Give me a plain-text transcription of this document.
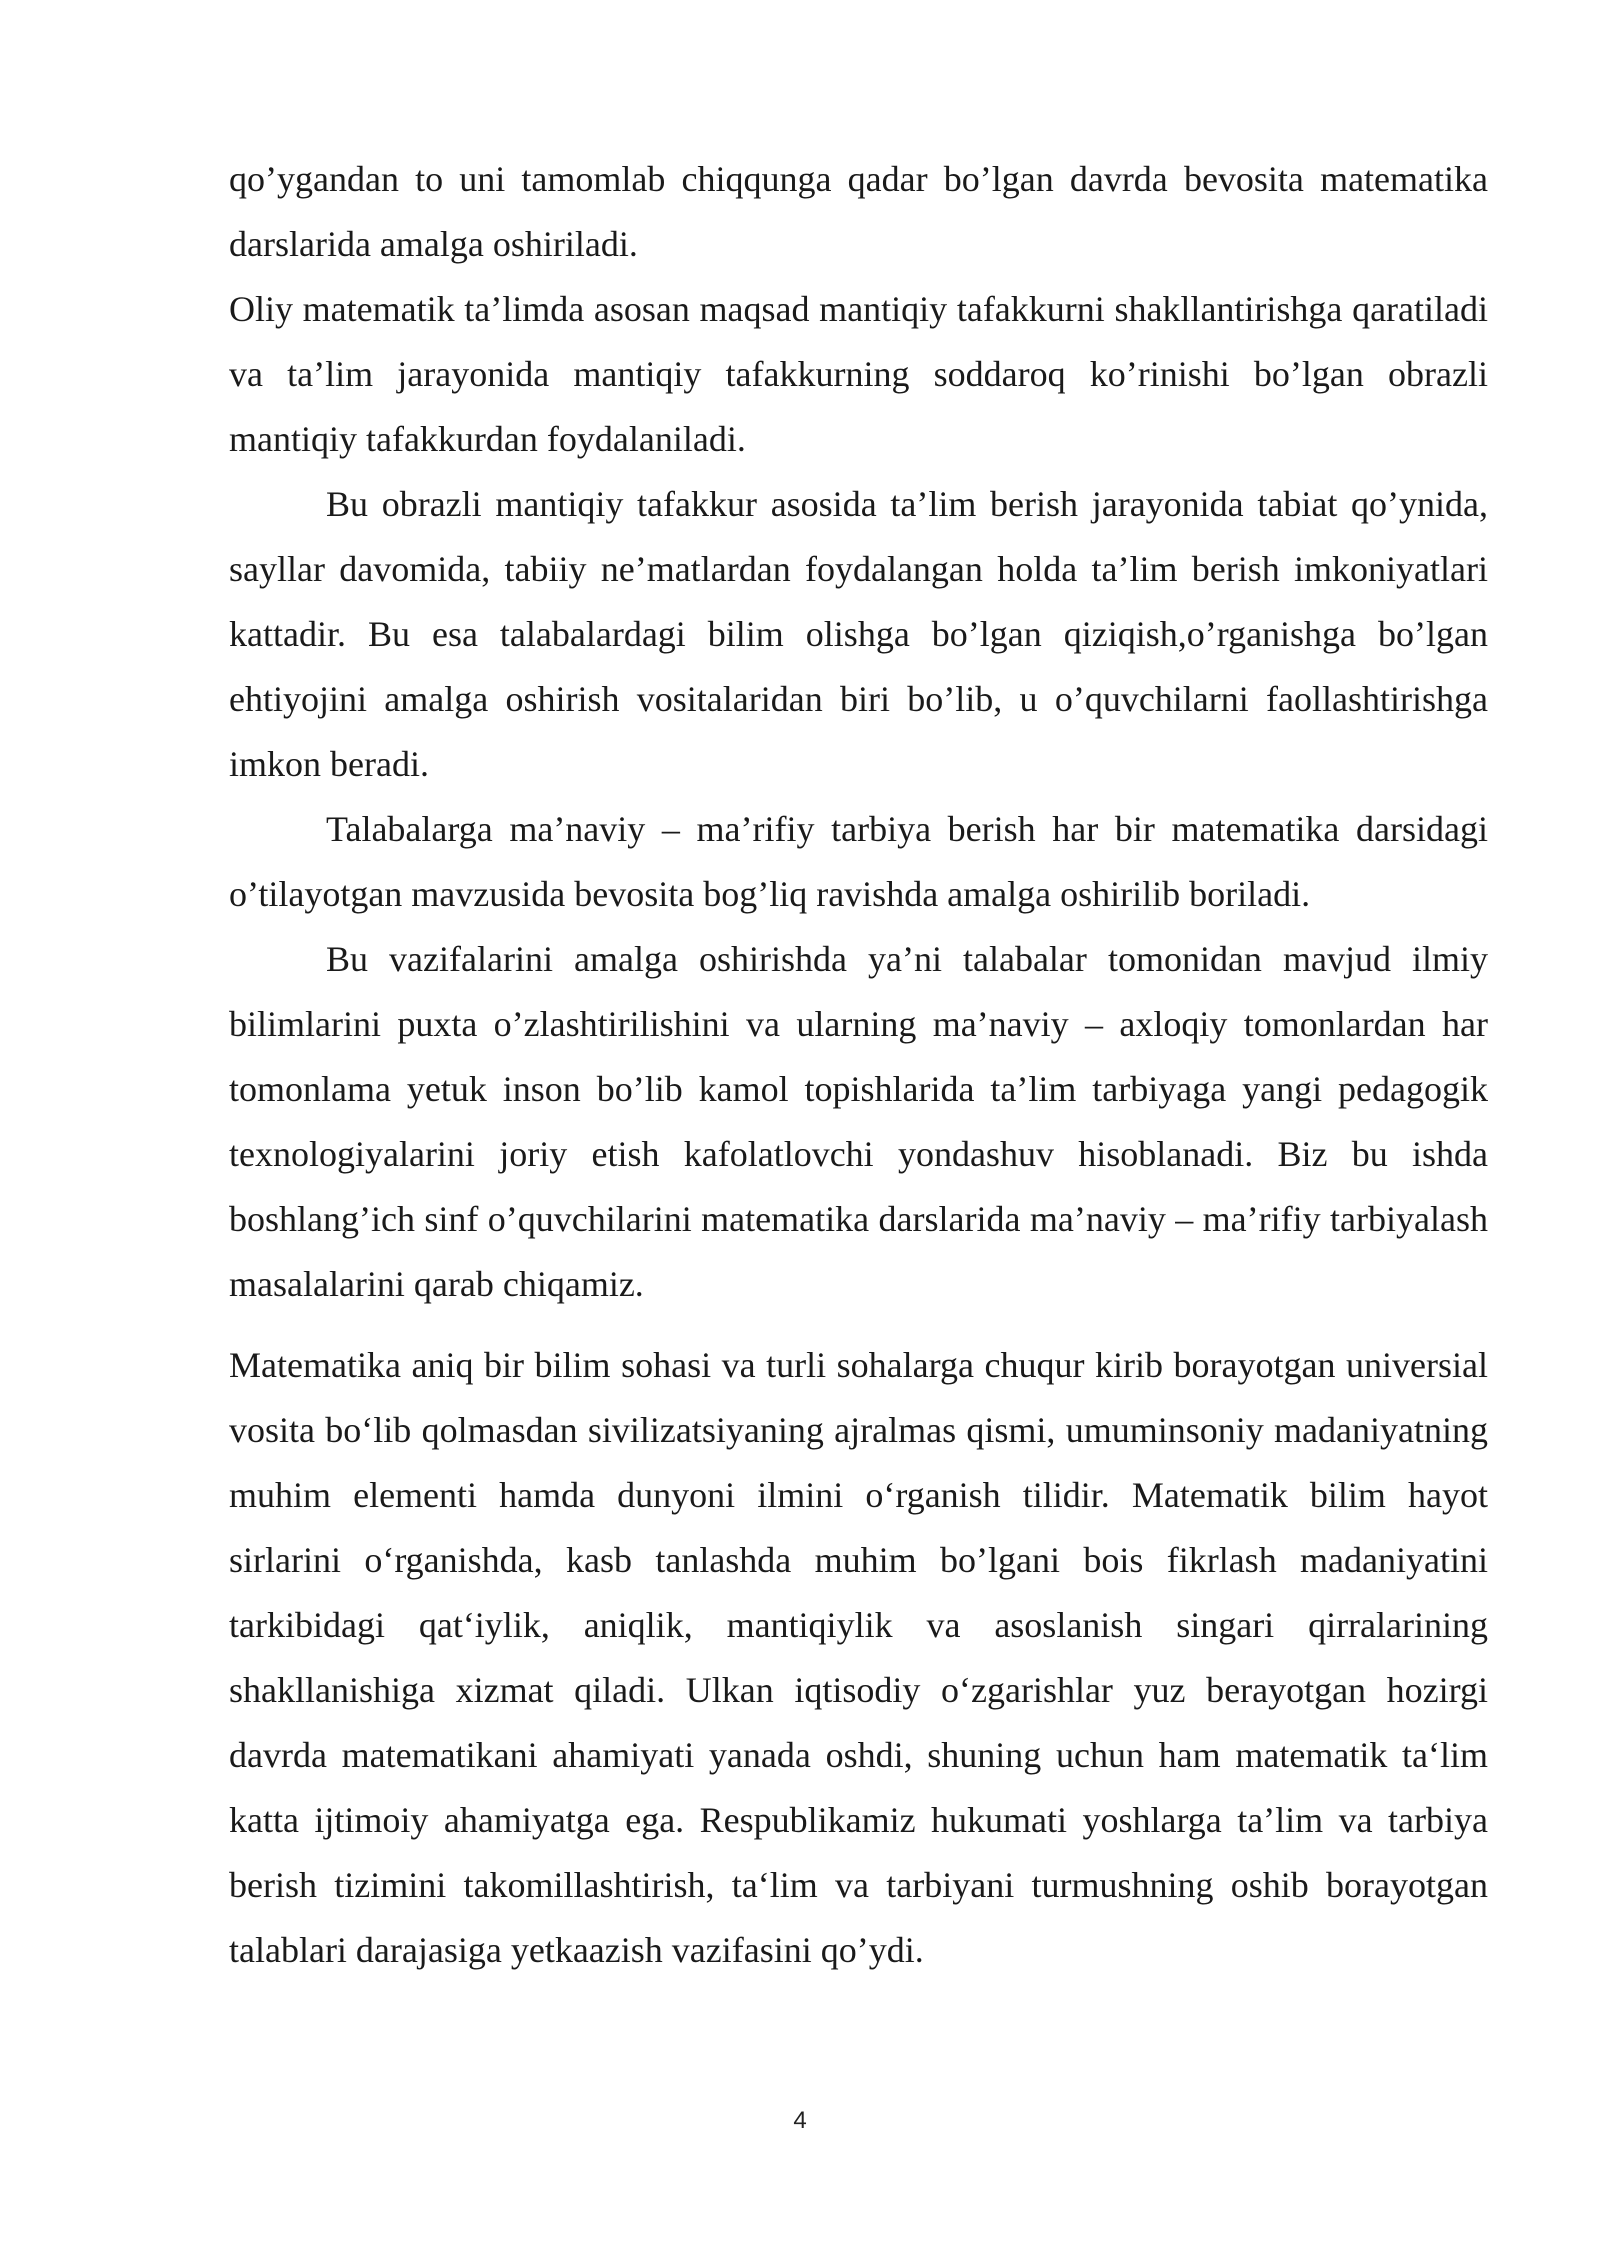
qo’ygandan to uni tamomlab chiqqunga qadar bo’lgan davrda bevosita matematika darslarida amalga oshiriladi.

Oliy matematik ta’limda asosan maqsad mantiqiy tafakkurni shakllantirishga qaratiladi va ta’lim jarayonida mantiqiy tafakkurning soddaroq ko’rinishi bo’lgan obrazli mantiqiy tafakkurdan foydalaniladi.

Bu obrazli mantiqiy tafakkur asosida ta’lim berish jarayonida tabiat qo’ynida, sayllar davomida, tabiiy ne’matlardan foydalangan holda ta’lim berish imkoniyatlari kattadir. Bu esa talabalardagi bilim olishga bo’lgan qiziqish,o’rganishga bo’lgan ehtiyojini amalga oshirish vositalaridan biri bo’lib, u o’quvchilarni faollashtirishga imkon beradi.

Talabalarga ma’naviy – ma’rifiy tarbiya berish har bir matematika darsidagi o’tilayotgan mavzusida bevosita bog’liq ravishda amalga oshirilib boriladi.

Bu vazifalarini amalga oshirishda ya’ni talabalar tomonidan mavjud ilmiy bilimlarini puxta o’zlashtirilishini va ularning ma’naviy – axloqiy tomonlardan har tomonlama yetuk inson bo’lib kamol topishlarida ta’lim tarbiyaga yangi pedagogik texnologiyalarini joriy etish kafolatlovchi yondashuv hisoblanadi. Biz bu ishda boshlang’ich sinf o’quvchilarini matematika darslarida ma’naviy – ma’rifiy tarbiyalash masalalarini qarab chiqamiz.

Matematika aniq bir bilim sohasi va turli sohalarga chuqur kirib borayotgan universial vosita bo‘lib qolmasdan sivilizatsiyaning ajralmas qismi, umuminsoniy madaniyatning muhim elementi hamda dunyoni ilmini o‘rganish tilidir. Matematik bilim hayot sirlarini o‘rganishda, kasb tanlashda muhim bo’lgani bois fikrlash madaniyatini tarkibidagi qat‘iylik, aniqlik, mantiqiylik va asoslanish singari qirralarining shakllanishiga xizmat qiladi. Ulkan iqtisodiy o‘zgarishlar yuz berayotgan hozirgi davrda matematikani ahamiyati yanada oshdi, shuning uchun ham matematik ta‘lim katta ijtimoiy ahamiyatga ega. Respublikamiz hukumati yoshlarga ta’lim va tarbiya berish tizimini takomillashtirish, ta‘lim va tarbiyani turmushning oshib borayotgan talablari darajasiga yetkaazish vazifasini qo’ydi.

4
